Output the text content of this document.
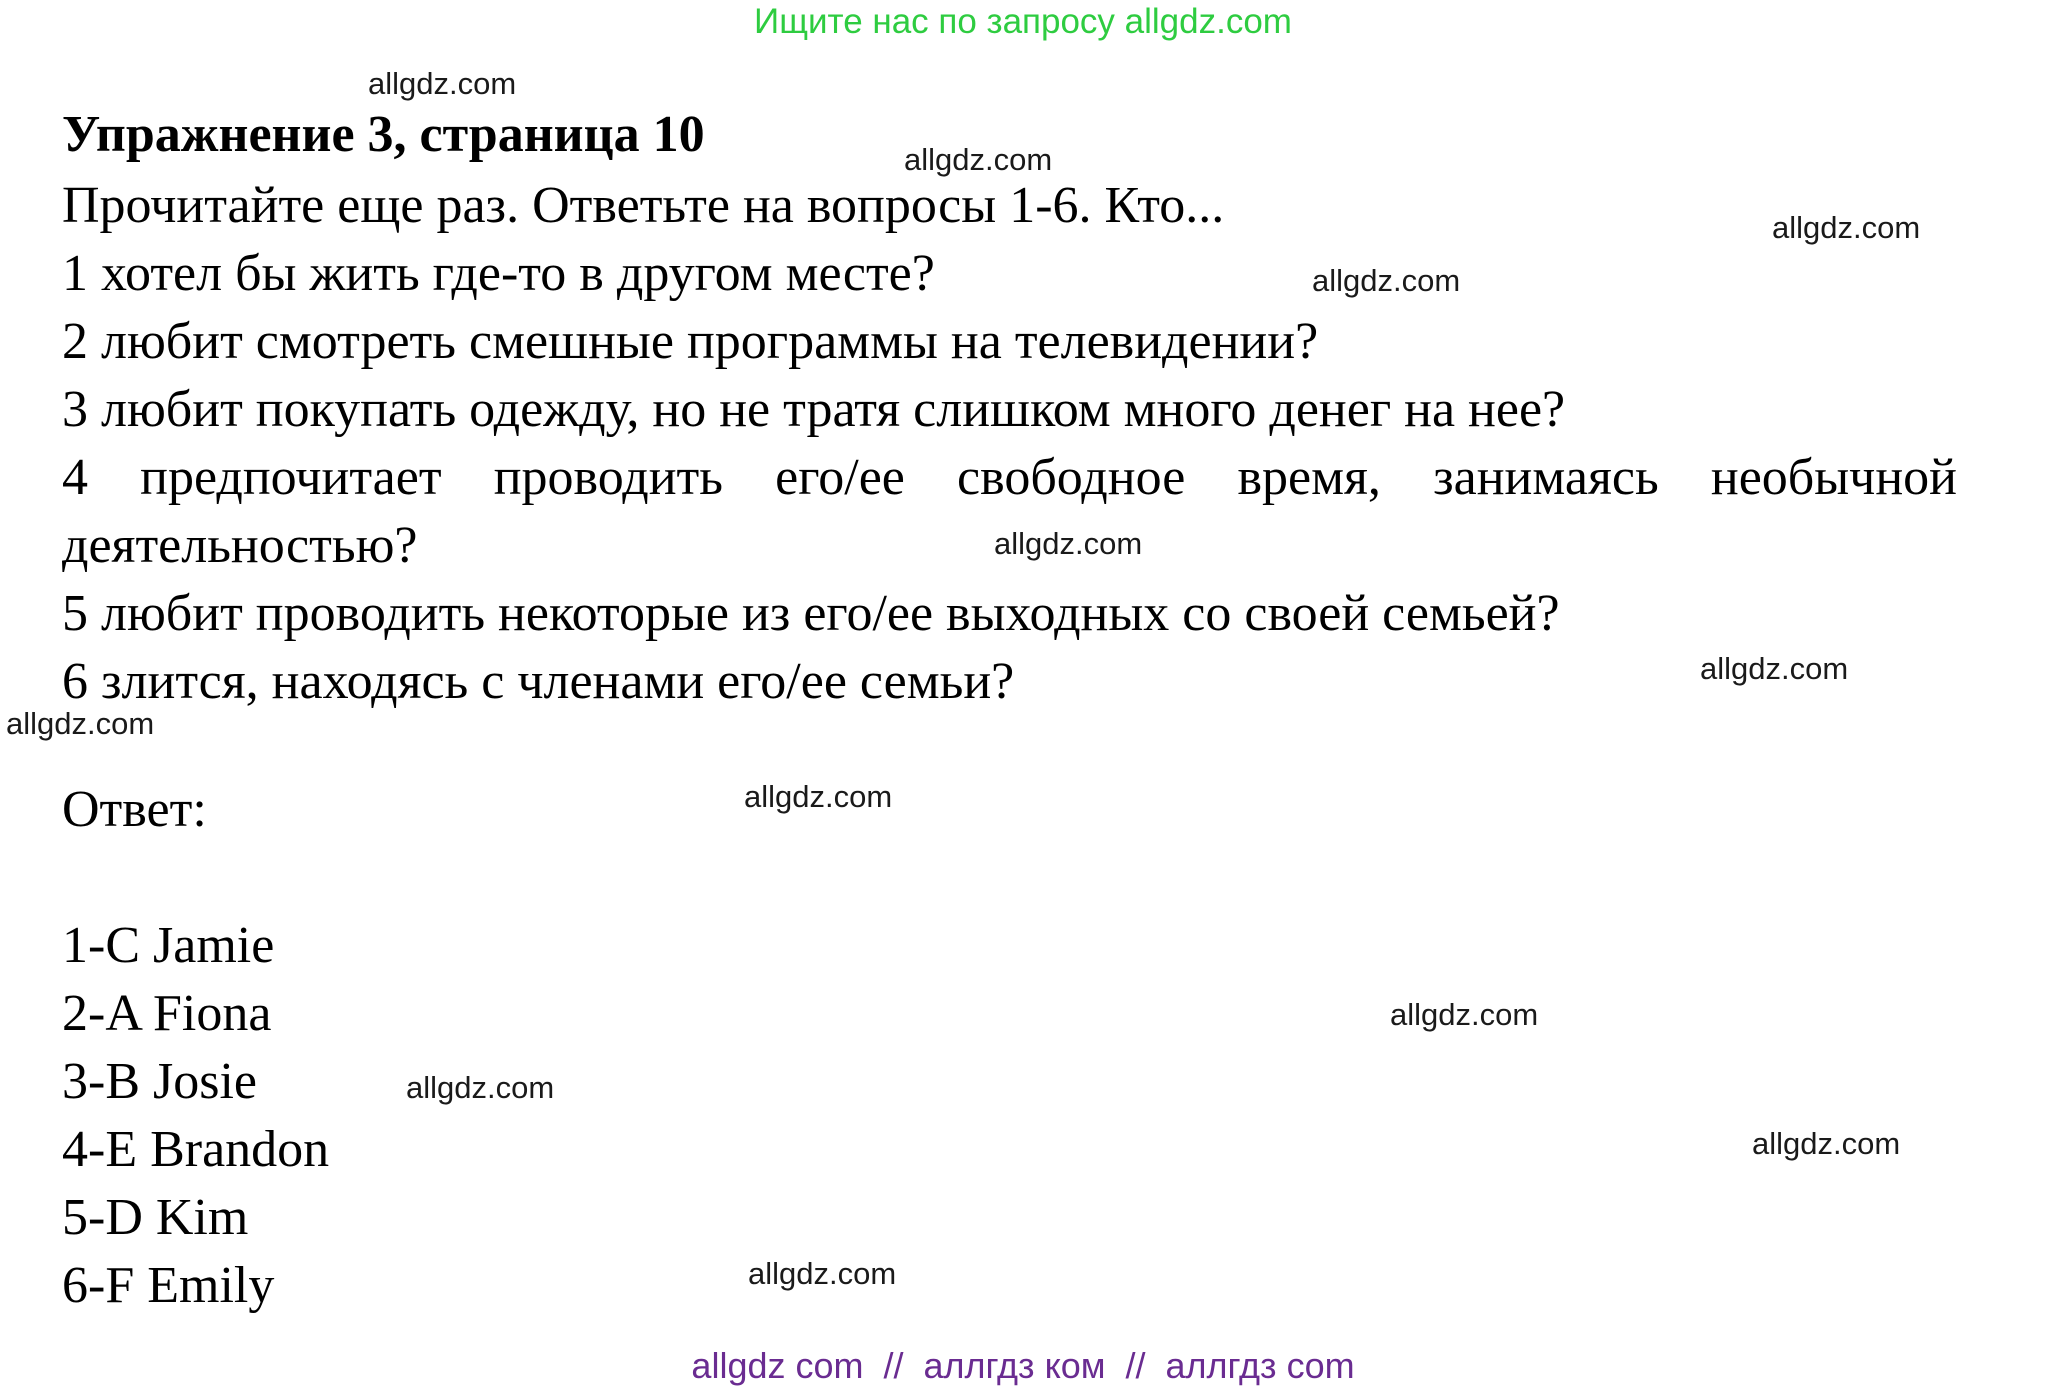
Ищите нас по запросу allgdz.com
Упражнение 3, страница 10
Прочитайте еще раз. Ответьте на вопросы 1-6. Кто...
1 хотел бы жить где-то в другом месте?
2 любит смотреть смешные программы на телевидении?
3 любит покупать одежду, но не тратя слишком много денег на нее?
4 предпочитает проводить его/ее свободное время, занимаясь необычной деятельностью?
5 любит проводить некоторые из его/ее выходных со своей семьей?
6 злится, находясь с членами его/ее семьи?
Ответ:
1-C Jamie
2-A Fiona
3-B Josie
4-E Brandon
5-D Kim
6-F Emily
allgdz.com
allgdz.com
allgdz.com
allgdz.com
allgdz.com
allgdz.com
allgdz.com
allgdz.com
allgdz.com
allgdz.com
allgdz.com
allgdz.com
allgdz com  //  аллгдз ком  //  аллгдз com
